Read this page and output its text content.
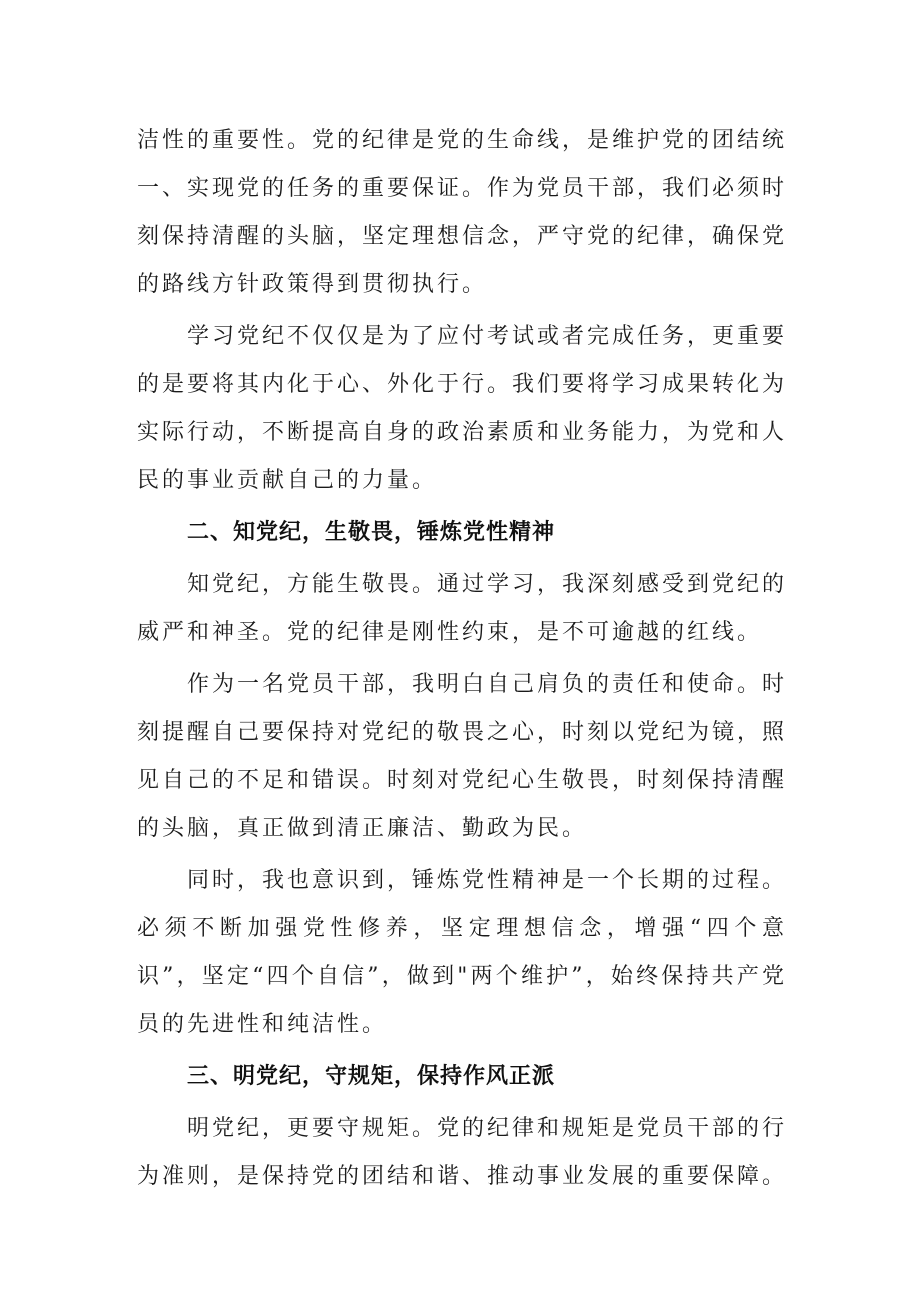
洁性的重要性。党的纪律是党的生命线，是维护党的团结统一、实现党的任务的重要保证。作为党员干部，我们必须时刻保持清醒的头脑，坚定理想信念，严守党的纪律，确保党的路线方针政策得到贯彻执行。

学习党纪不仅仅是为了应付考试或者完成任务，更重要的是要将其内化于心、外化于行。我们要将学习成果转化为实际行动，不断提高自身的政治素质和业务能力，为党和人民的事业贡献自己的力量。

二、知党纪，生敬畏，锤炼党性精神

知党纪，方能生敬畏。通过学习，我深刻感受到党纪的威严和神圣。党的纪律是刚性约束，是不可逾越的红线。

作为一名党员干部，我明白自己肩负的责任和使命。时刻提醒自己要保持对党纪的敬畏之心，时刻以党纪为镜，照见自己的不足和错误。时刻对党纪心生敬畏，时刻保持清醒的头脑，真正做到清正廉洁、勤政为民。

同时，我也意识到，锤炼党性精神是一个长期的过程。必须不断加强党性修养，坚定理想信念，增强“四个意识”，坚定“四个自信”，做到"两个维护”，始终保持共产党员的先进性和纯洁性。

三、明党纪，守规矩，保持作风正派

明党纪，更要守规矩。党的纪律和规矩是党员干部的行为准则，是保持党的团结和谐、推动事业发展的重要保障。
